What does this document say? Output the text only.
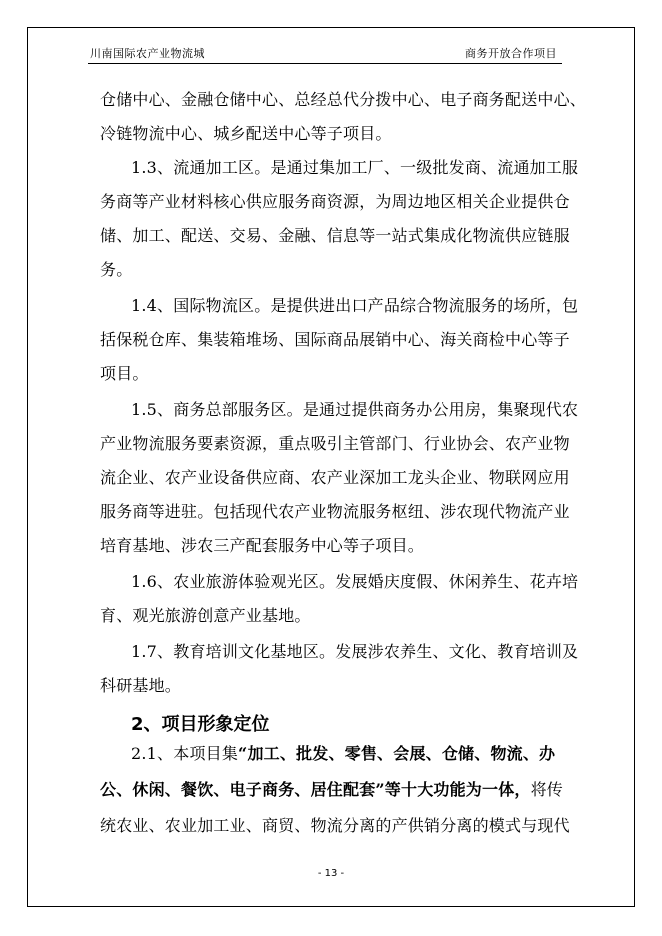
川南国际农产业物流城	商务开放合作项目
仓储中心、金融仓储中心、总经总代分拨中心、电子商务配送中心、
冷链物流中心、城乡配送中心等子项目。
1.3、流通加工区。是通过集加工厂、一级批发商、流通加工服
务商等产业材料核心供应服务商资源，为周边地区相关企业提供仓
储、加工、配送、交易、金融、信息等一站式集成化物流供应链服
务。
1.4、国际物流区。是提供进出口产品综合物流服务的场所，包
括保税仓库、集装箱堆场、国际商品展销中心、海关商检中心等子
项目。
1.5、商务总部服务区。是通过提供商务办公用房，集聚现代农
产业物流服务要素资源，重点吸引主管部门、行业协会、农产业物
流企业、农产业设备供应商、农产业深加工龙头企业、物联网应用
服务商等进驻。包括现代农产业物流服务枢纽、涉农现代物流产业
培育基地、涉农三产配套服务中心等子项目。
1.6、农业旅游体验观光区。发展婚庆度假、休闲养生、花卉培
育、观光旅游创意产业基地。
1.7、教育培训文化基地区。发展涉农养生、文化、教育培训及
科研基地。
2、项目形象定位
2.1、本项目集“加工、批发、零售、会展、仓储、物流、办
公、休闲、餐饮、电子商务、居住配套”等十大功能为一体，将传
统农业、农业加工业、商贸、物流分离的产供销分离的模式与现代
- 13 -
